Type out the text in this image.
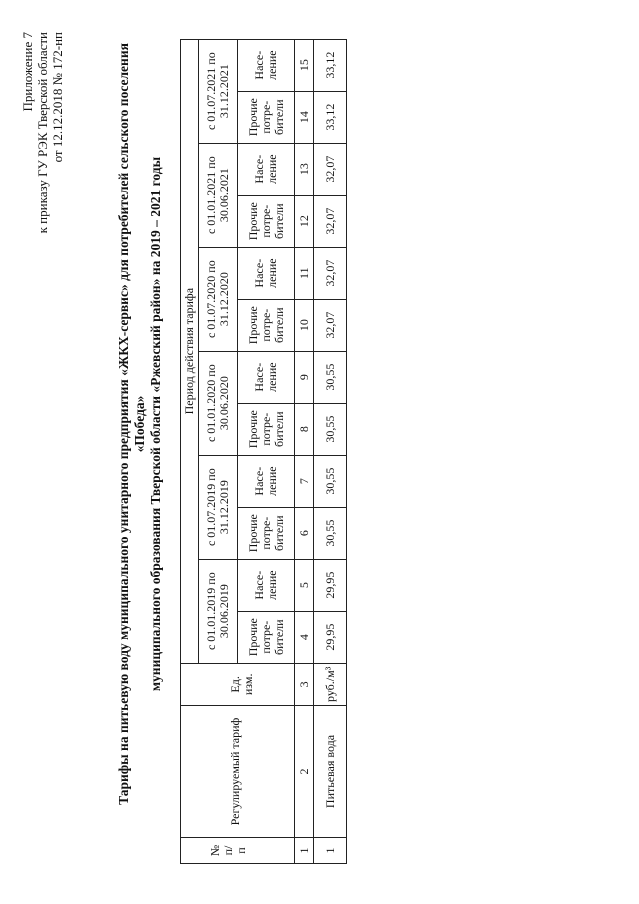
Приложение 7 к приказу ГУ РЭК Тверской области от 12.12.2018 № 172-нп	Тарифы на питьевую воду муниципального унитарного предприятия «ЖКХ-сервис» для потребителей сельского поселения «Победа» муниципального образования Тверской области «Ржевский район» на 2019 – 2021 годы
№ п/ п	Регулируемый тариф	Ед. изм.	Период действия тарифа											
			с 01.01.2019 по 30.06.2019		с 01.07.2019 по 31.12.2019		с 01.01.2020 по 30.06.2020		с 01.07.2020 по 31.12.2020		с 01.01.2021 по 30.06.2021		с 01.07.2021 по 31.12.2021	
			Прочие потре- бители	Насе- ление	Прочие потре- бители	Насе- ление	Прочие потре- бители	Насе- ление	Прочие потре- бители	Насе- ление	Прочие потре- бители	Насе- ление	Прочие потре- бители	Насе- ление
1	2	3	4	5	6	7	8	9	10	11	12	13	14	15
1	Питьевая вода	руб./м³	29,95	29,95	30,55	30,55	30,55	30,55	32,07	32,07	32,07	32,07	33,12	33,12
